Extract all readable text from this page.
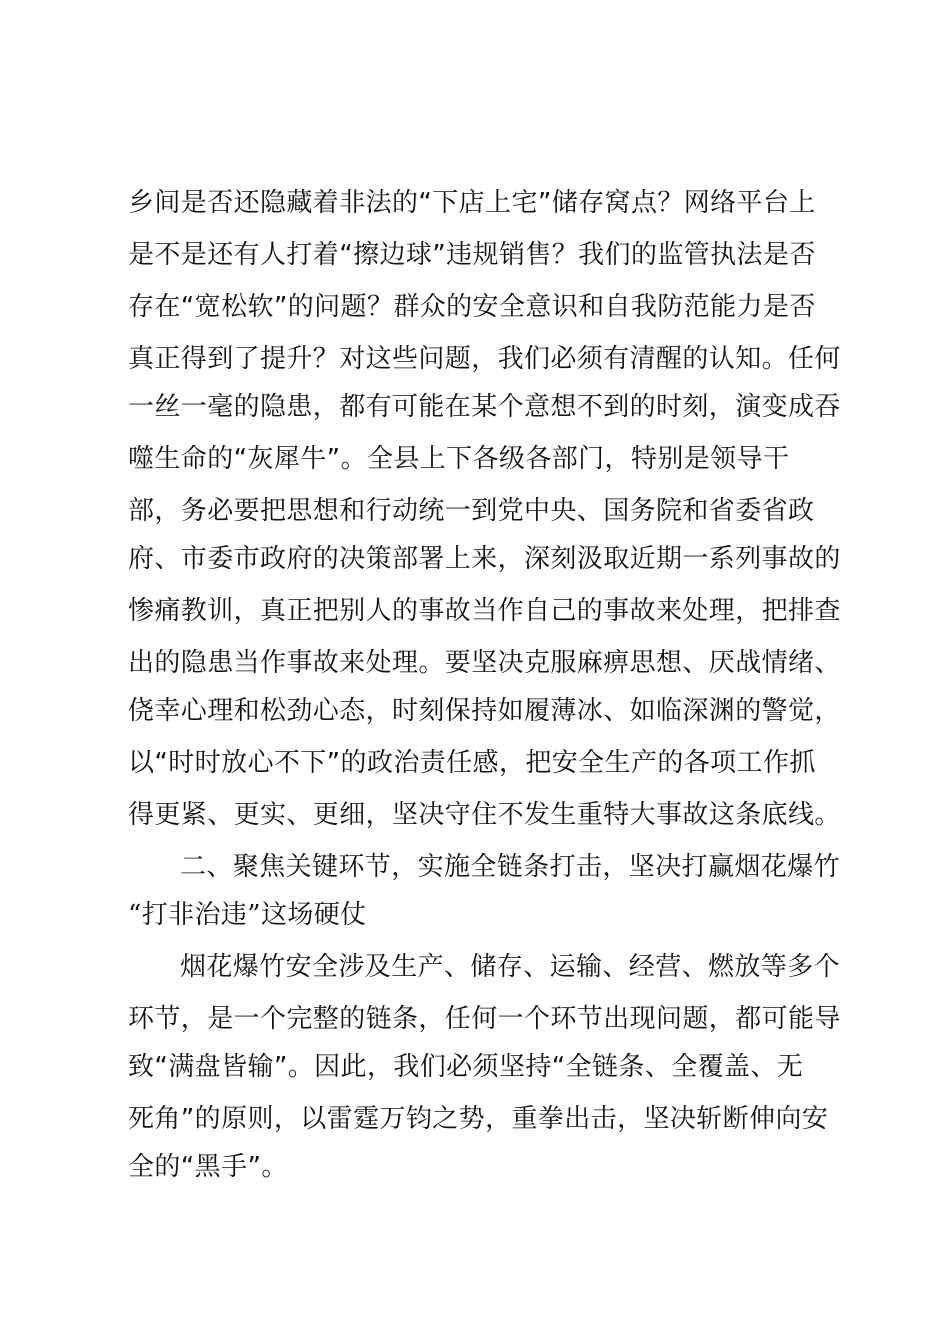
乡间是否还隐藏着非法的“下店上宅”储存窝点？网络平台上
是不是还有人打着“擦边球”违规销售？我们的监管执法是否
存在“宽松软”的问题？群众的安全意识和自我防范能力是否
真正得到了提升？对这些问题，我们必须有清醒的认知。任何
一丝一毫的隐患，都有可能在某个意想不到的时刻，演变成吞
噬生命的“灰犀牛”。全县上下各级各部门，特别是领导干
部，务必要把思想和行动统一到党中央、国务院和省委省政
府、市委市政府的决策部署上来，深刻汲取近期一系列事故的
惨痛教训，真正把别人的事故当作自己的事故来处理，把排查
出的隐患当作事故来处理。要坚决克服麻痹思想、厌战情绪、
侥幸心理和松劲心态，时刻保持如履薄冰、如临深渊的警觉，
以“时时放心不下”的政治责任感，把安全生产的各项工作抓
得更紧、更实、更细，坚决守住不发生重特大事故这条底线。
二、聚焦关键环节，实施全链条打击，坚决打赢烟花爆竹
“打非治违”这场硬仗
烟花爆竹安全涉及生产、储存、运输、经营、燃放等多个
环节，是一个完整的链条，任何一个环节出现问题，都可能导
致“满盘皆输”。因此，我们必须坚持“全链条、全覆盖、无
死角”的原则，以雷霆万钧之势，重拳出击，坚决斩断伸向安
全的“黑手”。
